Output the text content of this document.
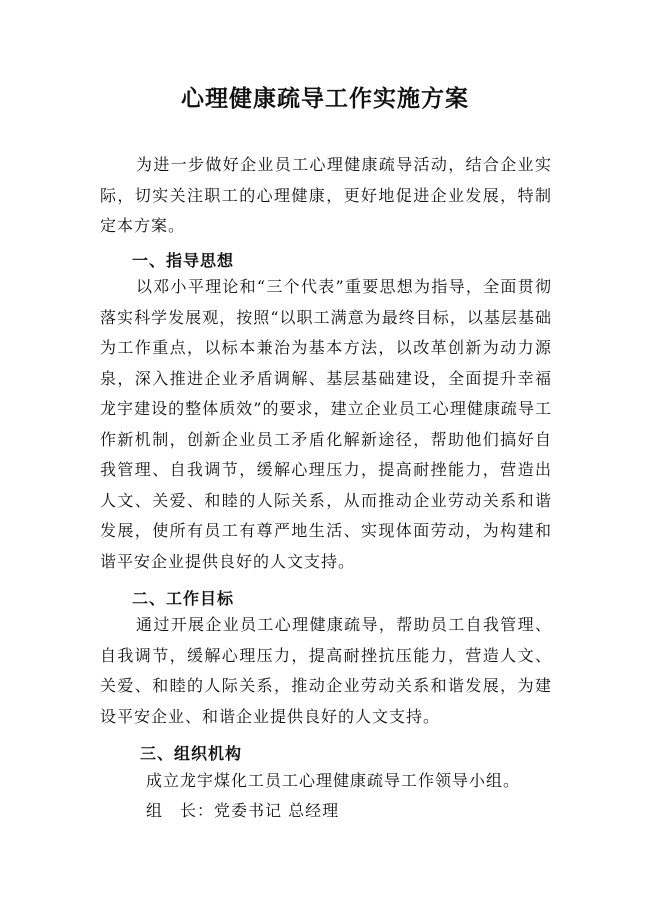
心理健康疏导工作实施方案

为进一步做好企业员工心理健康疏导活动，结合企业实际，切实关注职工的心理健康，更好地促进企业发展，特制定本方案。

一、指导思想

以邓小平理论和“三个代表”重要思想为指导，全面贯彻落实科学发展观，按照“以职工满意为最终目标，以基层基础为工作重点，以标本兼治为基本方法，以改革创新为动力源泉，深入推进企业矛盾调解、基层基础建设，全面提升幸福龙宇建设的整体质效”的要求，建立企业员工心理健康疏导工作新机制，创新企业员工矛盾化解新途径，帮助他们搞好自我管理、自我调节，缓解心理压力，提高耐挫能力，营造出人文、关爱、和睦的人际关系，从而推动企业劳动关系和谐发展，使所有员工有尊严地生活、实现体面劳动，为构建和谐平安企业提供良好的人文支持。

二、工作目标

通过开展企业员工心理健康疏导，帮助员工自我管理、自我调节，缓解心理压力，提高耐挫抗压能力，营造人文、关爱、和睦的人际关系，推动企业劳动关系和谐发展，为建设平安企业、和谐企业提供良好的人文支持。

三、组织机构
成立龙宇煤化工员工心理健康疏导工作领导小组。
组　长：党委书记 总经理
